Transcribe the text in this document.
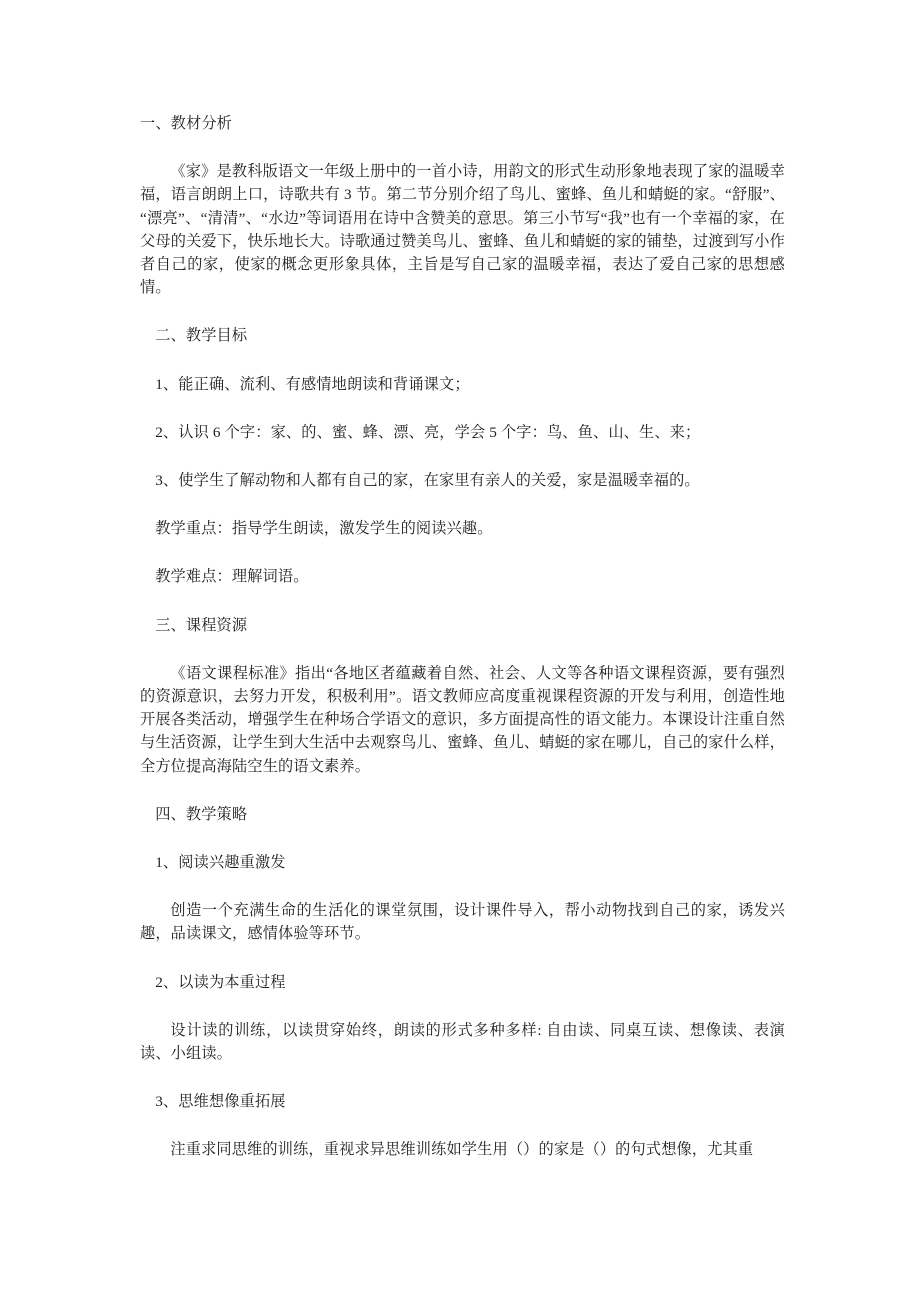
一、教材分析

《家》是教科版语文一年级上册中的一首小诗，用韵文的形式生动形象地表现了家的温暖幸福，语言朗朗上口，诗歌共有 3 节。第二节分别介绍了鸟儿、蜜蜂、鱼儿和蜻蜓的家。“舒服”、“漂亮”、“清清”、“水边”等词语用在诗中含赞美的意思。第三小节写“我”也有一个幸福的家，在父母的关爱下，快乐地长大。诗歌通过赞美鸟儿、蜜蜂、鱼儿和蜻蜓的家的铺垫，过渡到写小作者自己的家，使家的概念更形象具体，主旨是写自己家的温暖幸福，表达了爱自己家的思想感情。

二、教学目标

1、能正确、流利、有感情地朗读和背诵课文；

2、认识 6 个字：家、的、蜜、蜂、漂、亮，学会 5 个字：鸟、鱼、山、生、来；

3、使学生了解动物和人都有自己的家，在家里有亲人的关爱，家是温暖幸福的。

教学重点：指导学生朗读，激发学生的阅读兴趣。

教学难点：理解词语。

三、课程资源

《语文课程标准》指出“各地区者蕴藏着自然、社会、人文等各种语文课程资源，要有强烈的资源意识，去努力开发，积极利用”。语文教师应高度重视课程资源的开发与利用，创造性地开展各类活动，增强学生在种场合学语文的意识，多方面提高性的语文能力。本课设计注重自然与生活资源，让学生到大生活中去观察鸟儿、蜜蜂、鱼儿、蜻蜓的家在哪儿，自己的家什么样，全方位提高海陆空生的语文素养。

四、教学策略

1、阅读兴趣重激发

创造一个充满生命的生活化的课堂氛围，设计课件导入，帮小动物找到自己的家，诱发兴趣，品读课文，感情体验等环节。

2、以读为本重过程

设计读的训练，以读贯穿始终，朗读的形式多种多样: 自由读、同桌互读、想像读、表演读、小组读。

3、思维想像重拓展

注重求同思维的训练，重视求异思维训练如学生用（）的家是（）的句式想像，尤其重
